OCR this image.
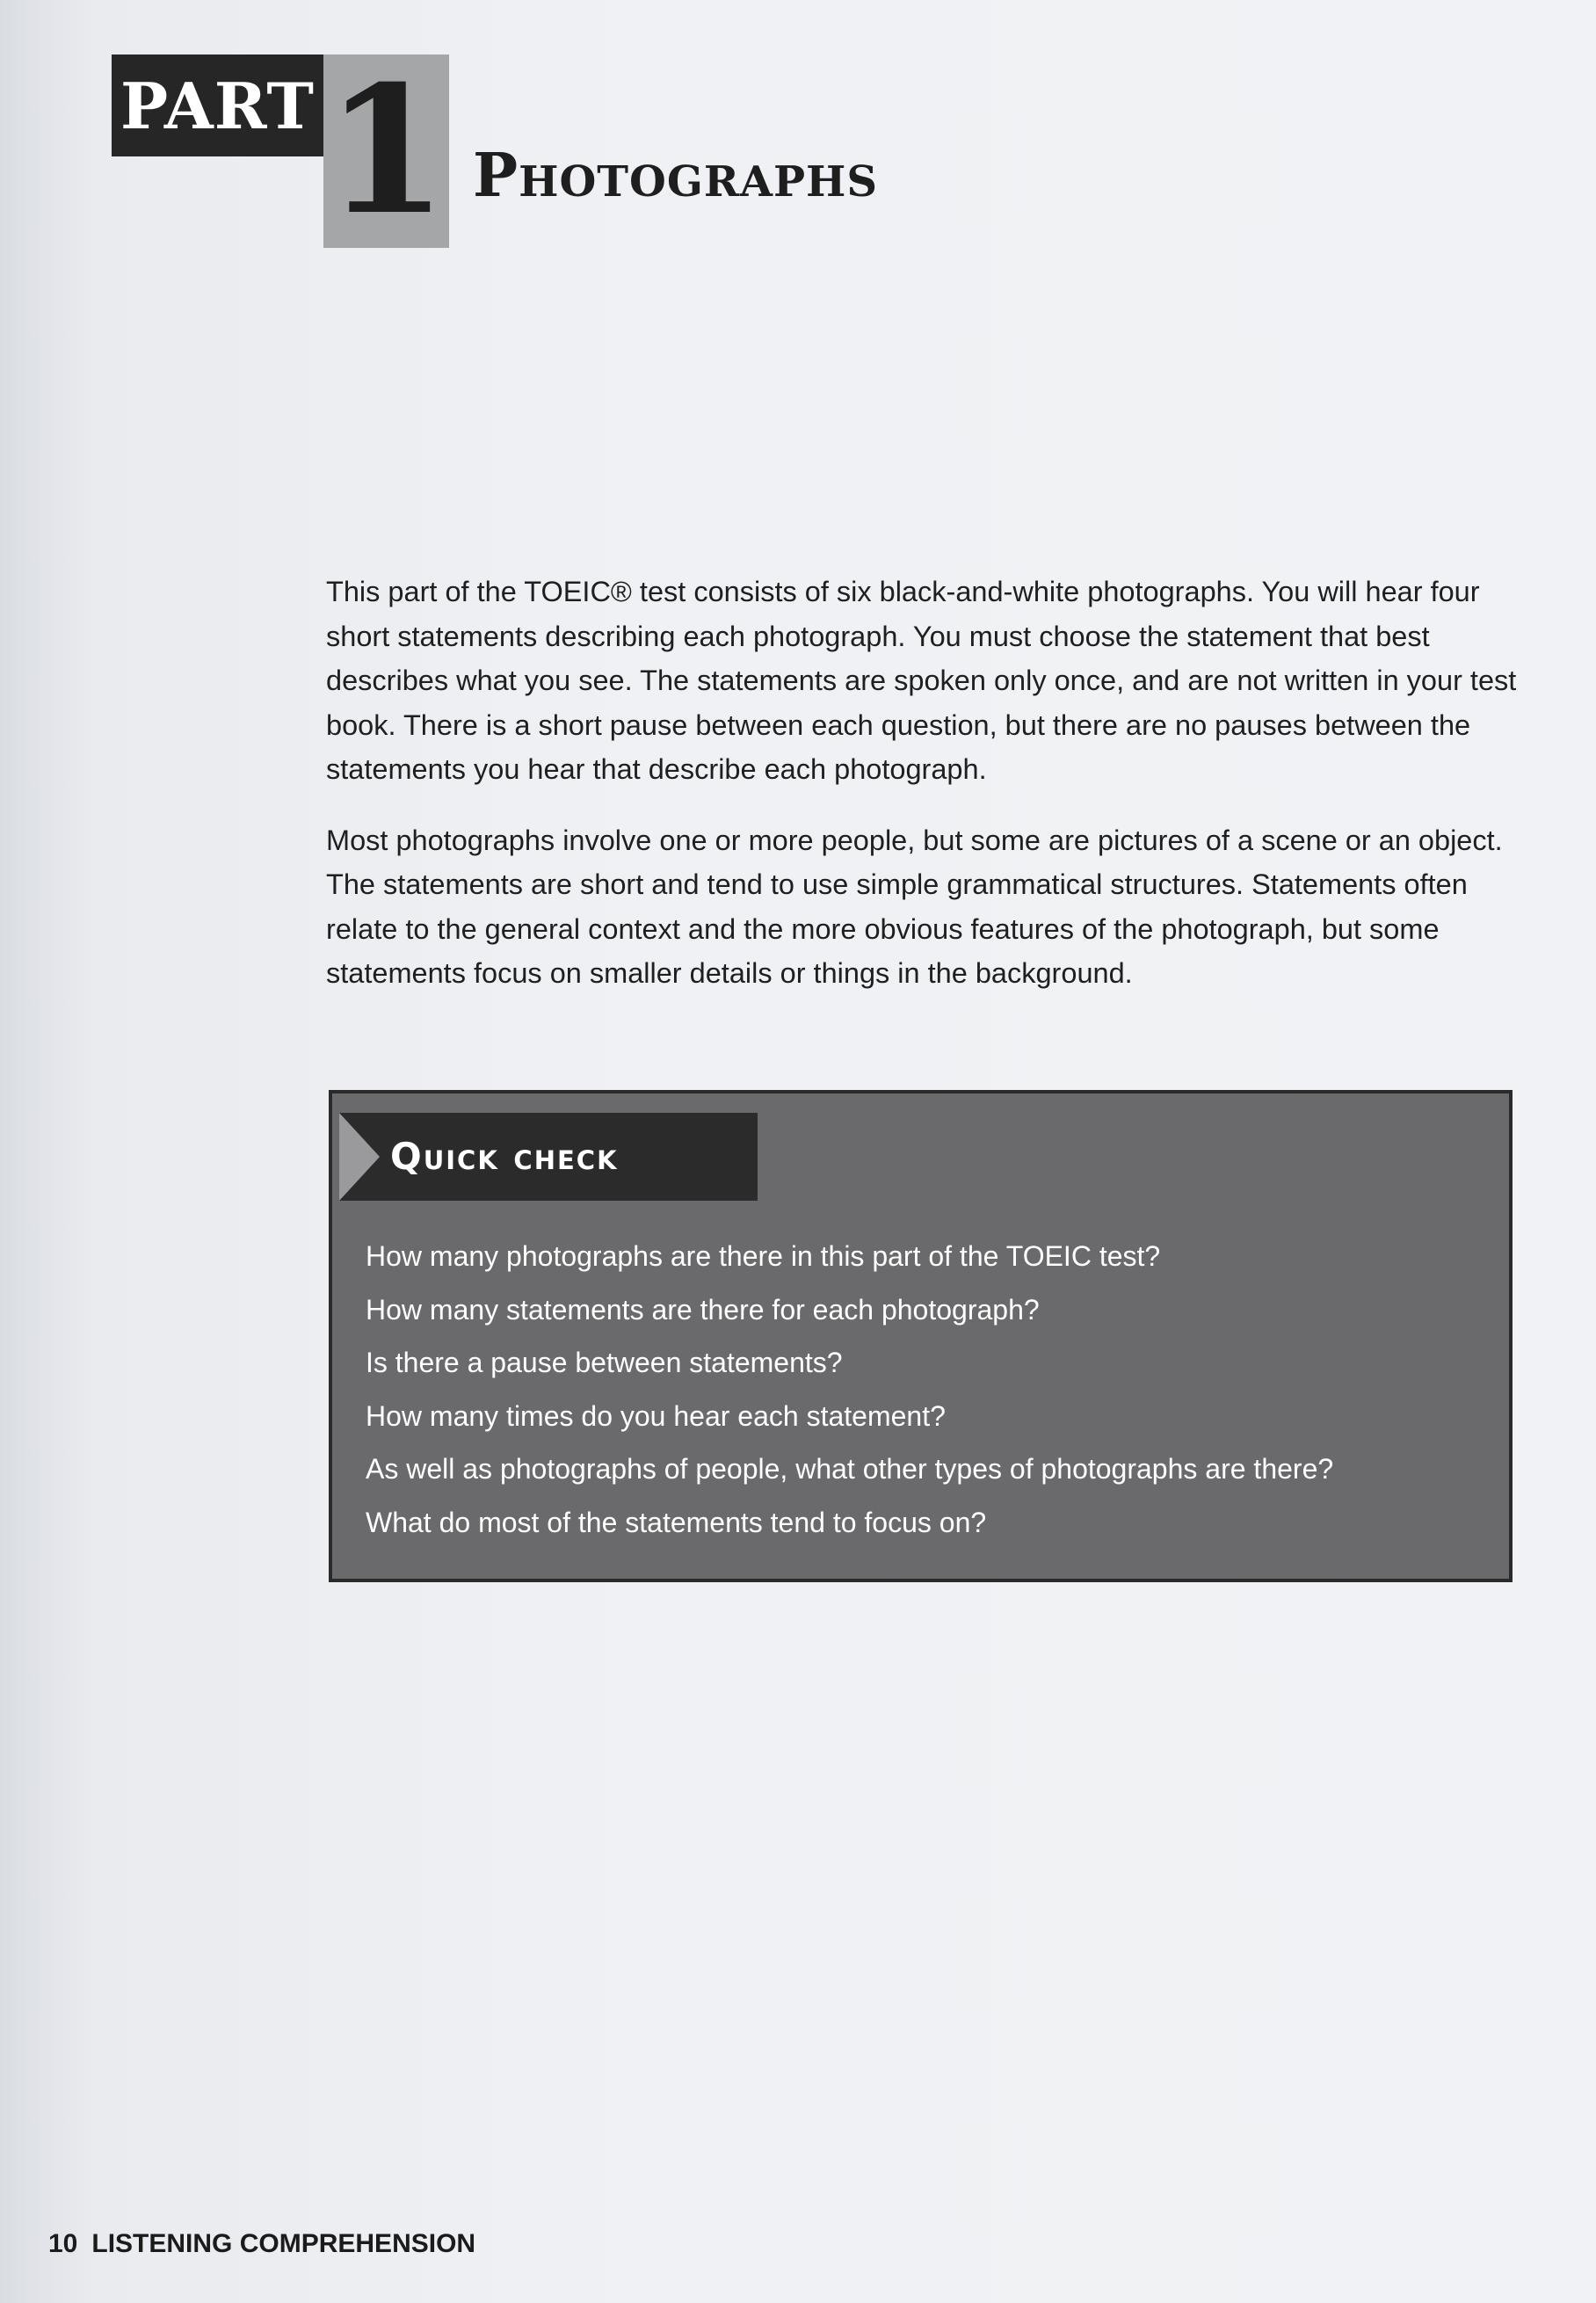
PART 1 Photographs

This part of the TOEIC® test consists of six black-and-white photographs. You will hear four short statements describing each photograph. You must choose the statement that best describes what you see. The statements are spoken only once, and are not written in your test book. There is a short pause between each question, but there are no pauses between the statements you hear that describe each photograph.

Most photographs involve one or more people, but some are pictures of a scene or an object. The statements are short and tend to use simple grammatical structures. Statements often relate to the general context and the more obvious features of the photograph, but some statements focus on smaller details or things in the background.

Quick check
How many photographs are there in this part of the TOEIC test?
How many statements are there for each photograph?
Is there a pause between statements?
How many times do you hear each statement?
As well as photographs of people, what other types of photographs are there?
What do most of the statements tend to focus on?
10 LISTENING COMPREHENSION
